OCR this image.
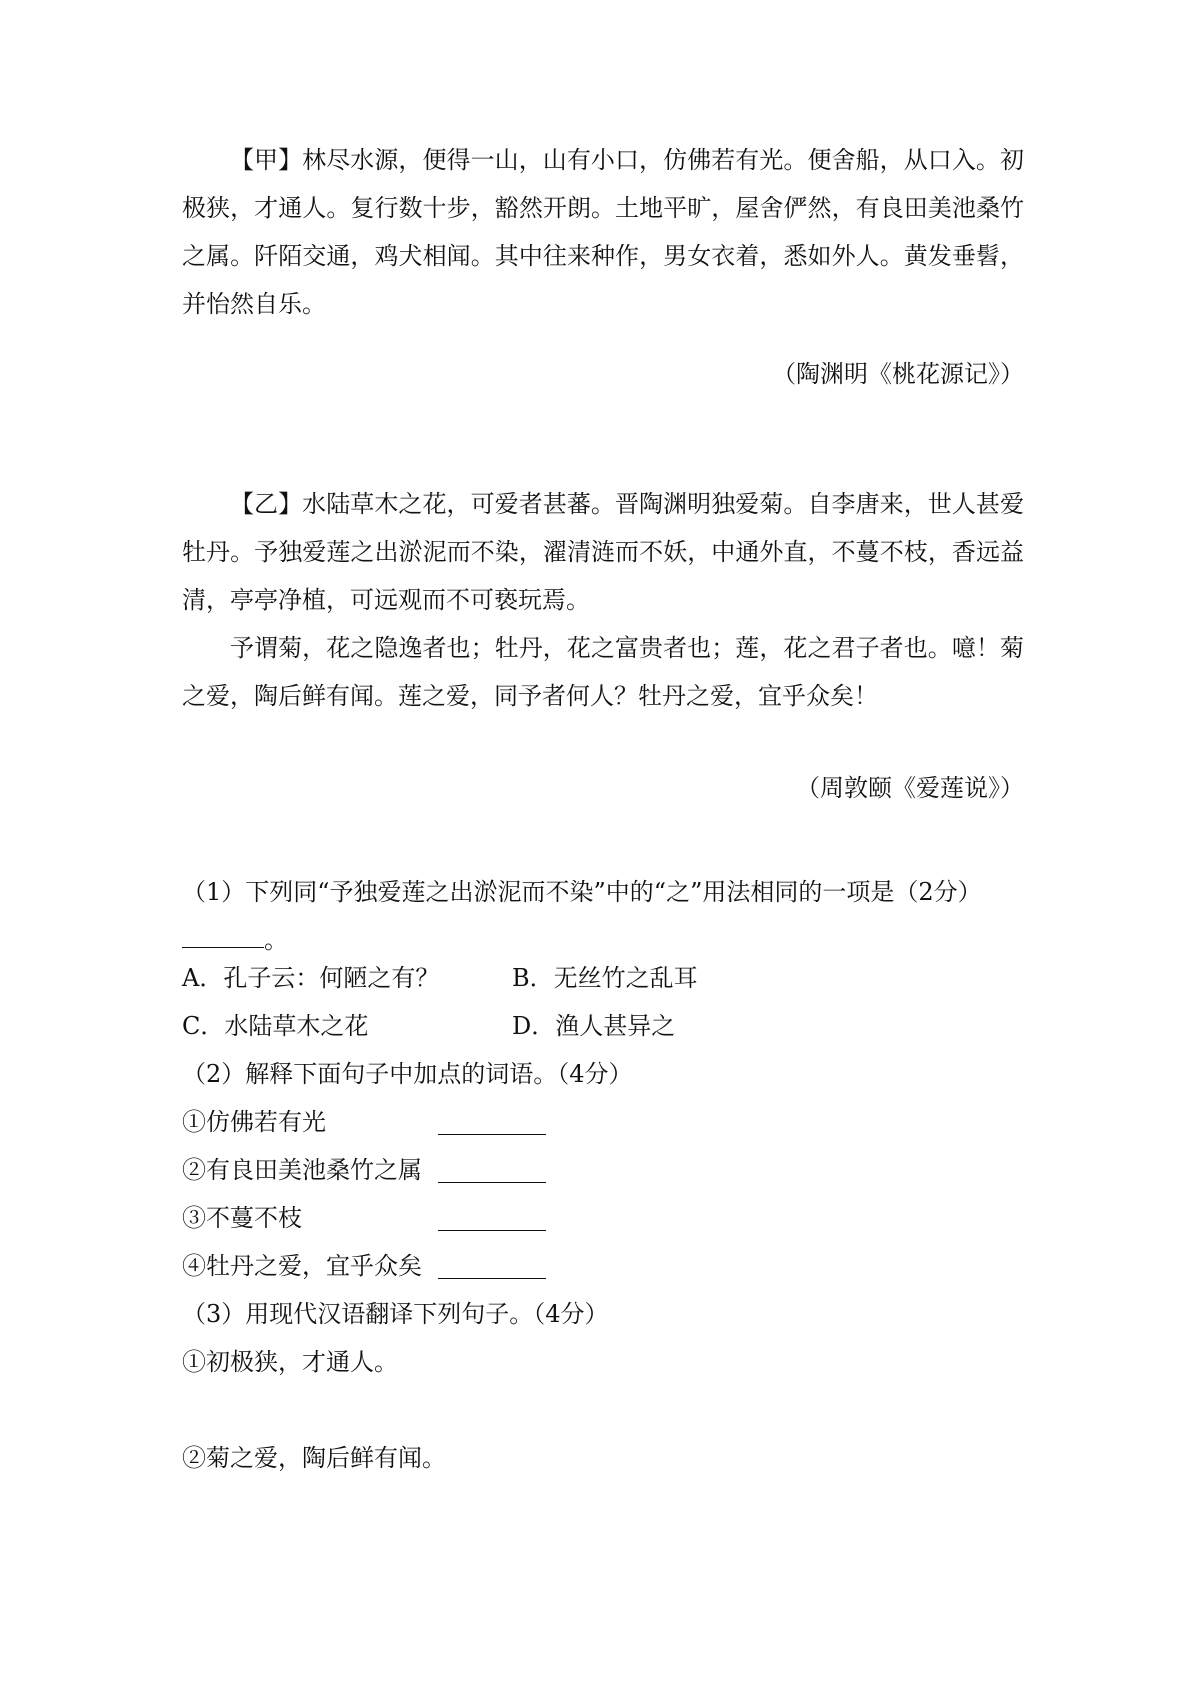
【甲】林尽水源，便得一山，山有小口，仿佛若有光。便舍船，从口入。初极狭，才通人。复行数十步，豁然开朗。土地平旷，屋舍俨然，有良田美池桑竹之属。阡陌交通，鸡犬相闻。其中往来种作，男女衣着，悉如外人。黄发垂髫，并怡然自乐。

（陶渊明《桃花源记》）

【乙】水陆草木之花，可爱者甚蕃。晋陶渊明独爱菊。自李唐来，世人甚爱牡丹。予独爱莲之出淤泥而不染，濯清涟而不妖，中通外直，不蔓不枝，香远益清，亭亭净植，可远观而不可亵玩焉。

予谓菊，花之隐逸者也；牡丹，花之富贵者也；莲，花之君子者也。噫！菊之爱，陶后鲜有闻。莲之爱，同予者何人？牡丹之爱，宜乎众矣！

（周敦颐《爱莲说》）

（1）下列同“予独爱莲之出淤泥而不染”中的“之”用法相同的一项是（2分）。

A．孔子云：何陋之有？	B．无丝竹之乱耳
C．水陆草木之花	D．渔人甚异之

（2）解释下面句子中加点的词语。（4分）

①仿佛若有光
②有良田美池桑竹之属
③不蔓不枝
④牡丹之爱，宜乎众矣

（3）用现代汉语翻译下列句子。（4分）

①初极狭，才通人。
②菊之爱，陶后鲜有闻。
